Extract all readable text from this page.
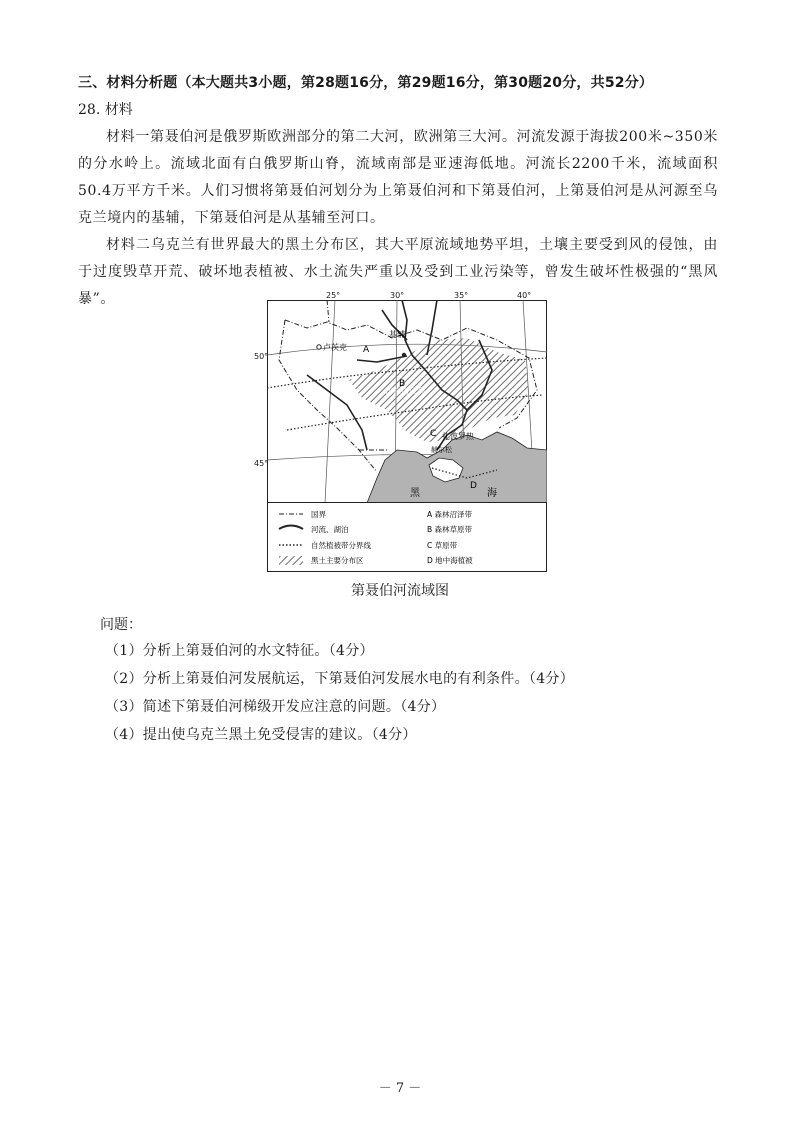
三、材料分析题（本大题共3小题，第28题16分，第29题16分，第30题20分，共52分）
28. 材料
材料一第聂伯河是俄罗斯欧洲部分的第二大河，欧洲第三大河。河流发源于海拔200米~350米的分水岭上。流域北面有白俄罗斯山脊，流域南部是亚速海低地。河流长2200千米，流域面积50.4万平方千米。人们习惯将第聂伯河划分为上第聂伯河和下第聂伯河，上第聂伯河是从河源至乌克兰境内的基辅，下第聂伯河是从基辅至河口。
材料二乌克兰有世界最大的黑土分布区，其大平原流域地势平坦，土壤主要受到风的侵蚀，由于过度毁草开荒、破坏地表植被、水土流失严重以及受到工业污染等，曾发生破坏性极强的“黑风暴”。
卢茨克
基辅
切尔诺贝利
扎波罗热
赫尔松
黑	海
A
B
C
D
国界
河流、湖泊
自然植被带分界线
黑土主要分布区
A 森林沼泽带
B 森林草原带
C 草原带
D 地中海植被
25°	30°	35°	40°
50°
45°
第聂伯河流域图
问题：
（1）分析上第聂伯河的水文特征。（4分）
（2）分析上第聂伯河发展航运，下第聂伯河发展水电的有利条件。（4分）
（3）简述下第聂伯河梯级开发应注意的问题。（4分）
（4）提出使乌克兰黑土免受侵害的建议。（4分）
－ 7 －
